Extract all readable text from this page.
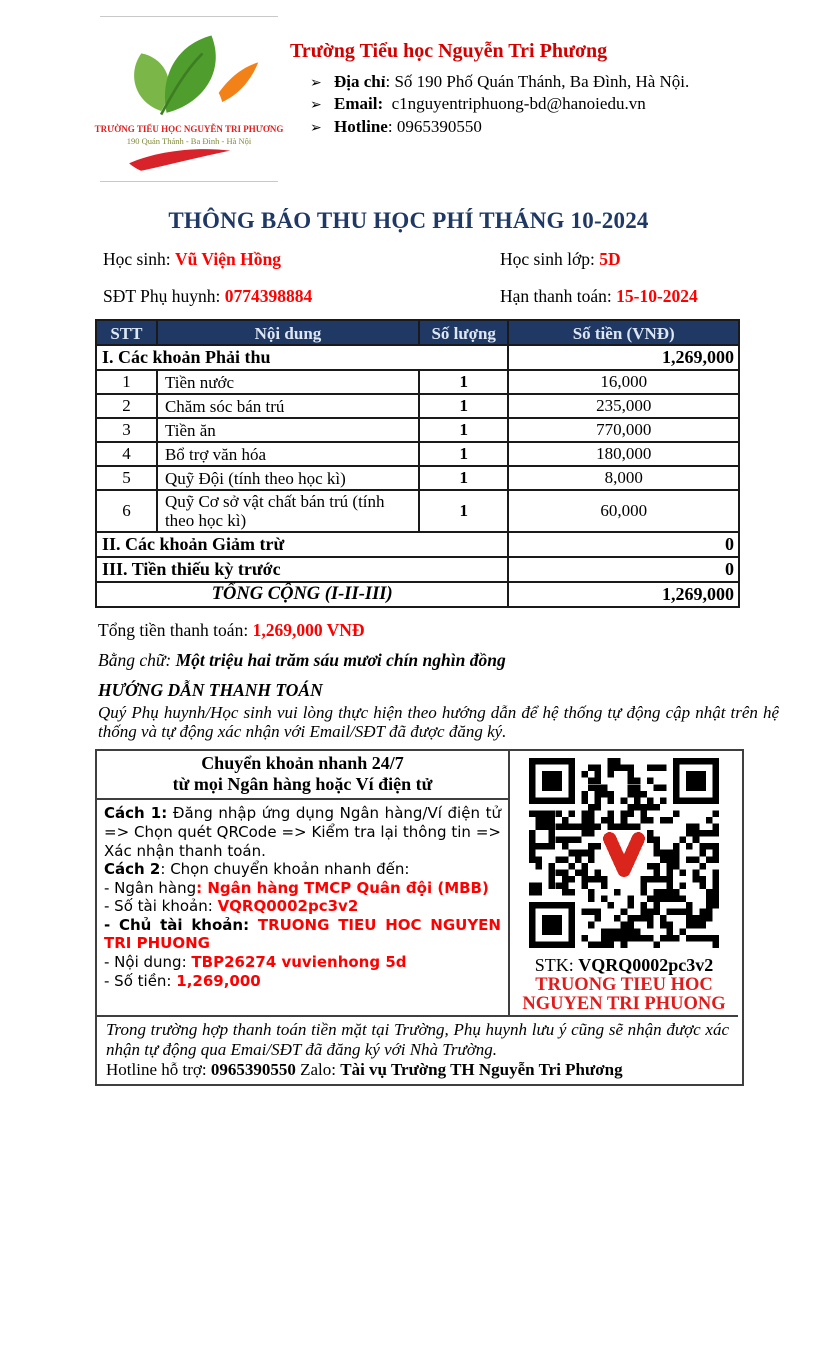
TRƯỜNG TIỂU HỌC NGUYỄN TRI PHƯƠNG
190 Quán Thánh - Ba Đình - Hà Nội
Trường Tiểu học Nguyễn Tri Phương
➢ Địa chỉ: Số 190 Phố Quán Thánh, Ba Đình, Hà Nội.
➢ Email:  c1nguyentriphuong-bd@hanoiedu.vn
➢ Hotline: 0965390550
THÔNG BÁO THU HỌC PHÍ THÁNG 10-2024
Học sinh: Vũ Viện Hồng	Học sinh lớp: 5D
SĐT Phụ huynh: 0774398884	Hạn thanh toán: 15-10-2024
STT	Nội dung	Số lượng	Số tiền (VNĐ)
I. Các khoản Phải thu			1,269,000
1	Tiền nước	1	16,000
2	Chăm sóc bán trú	1	235,000
3	Tiền ăn	1	770,000
4	Bổ trợ văn hóa	1	180,000
5	Quỹ Đội (tính theo học kì)	1	8,000
6	Quỹ Cơ sở vật chất bán trú (tính theo học kì)	1	60,000
II. Các khoản Giảm trừ			0
III. Tiền thiếu kỳ trước			0
TỔNG CỘNG (I-II-III)			1,269,000
Tổng tiền thanh toán: 1,269,000 VNĐ
Bằng chữ: Một triệu hai trăm sáu mươi chín nghìn đồng
HƯỚNG DẪN THANH TOÁN
Quý Phụ huynh/Học sinh vui lòng thực hiện theo hướng dẫn để hệ thống tự động cập nhật trên hệ thống và tự động xác nhận với Email/SĐT đã được đăng ký.
Chuyển khoản nhanh 24/7
từ mọi Ngân hàng hoặc Ví điện tử
Cách 1: Đăng nhập ứng dụng Ngân hàng/Ví điện tử => Chọn quét QRCode => Kiểm tra lại thông tin => Xác nhận thanh toán.
Cách 2: Chọn chuyển khoản nhanh đến:
- Ngân hàng: Ngân hàng TMCP Quân đội (MBB)
- Số tài khoản: VQRQ0002pc3v2
- Chủ tài khoản: TRUONG TIEU HOC NGUYEN TRI PHUONG
- Nội dung: TBP26274 vuvienhong 5d
- Số tiền: 1,269,000
STK: VQRQ0002pc3v2
TRUONG TIEU HOC
NGUYEN TRI PHUONG
Trong trường hợp thanh toán tiền mặt tại Trường, Phụ huynh lưu ý cũng sẽ nhận được xác nhận tự động qua Emai/SĐT đã đăng ký với Nhà Trường.
Hotline hỗ trợ: 0965390550 Zalo: Tài vụ Trường TH Nguyễn Tri Phương
